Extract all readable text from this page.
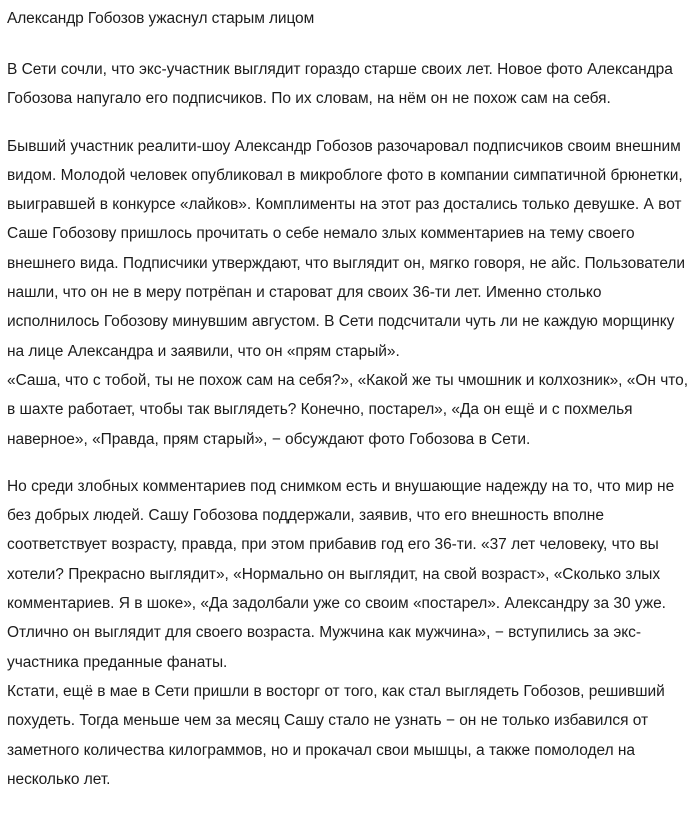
Александр Гобозов ужаснул старым лицом

В Сети сочли, что экс-участник выглядит гораздо старше своих лет. Новое фото Александра Гобозова напугало его подписчиков. По их словам, на нём он не похож сам на себя.

Бывший участник реалити-шоу Александр Гобозов разочаровал подписчиков своим внешним видом. Молодой человек опубликовал в микроблоге фото в компании симпатичной брюнетки, выигравшей в конкурсе «лайков». Комплименты на этот раз достались только девушке. А вот Саше Гобозову пришлось прочитать о себе немало злых комментариев на тему своего внешнего вида. Подписчики утверждают, что выглядит он, мягко говоря, не айс. Пользователи нашли, что он не в меру потрёпан и староват для своих 36-ти лет. Именно столько исполнилось Гобозову минувшим августом. В Сети подсчитали чуть ли не каждую морщинку на лице Александра и заявили, что он «прям старый».

«Саша, что с тобой, ты не похож сам на себя?», «Какой же ты чмошник и колхозник», «Он что, в шахте работает, чтобы так выглядеть? Конечно, постарел», «Да он ещё и с похмелья наверное», «Правда, прям старый», − обсуждают фото Гобозова в Сети.

Но среди злобных комментариев под снимком есть и внушающие надежду на то, что мир не без добрых людей. Сашу Гобозова поддержали, заявив, что его внешность вполне соответствует возрасту, правда, при этом прибавив год его 36-ти. «37 лет человеку, что вы хотели? Прекрасно выглядит», «Нормально он выглядит, на свой возраст», «Сколько злых комментариев. Я в шоке», «Да задолбали уже со своим «постарел». Александру за 30 уже. Отлично он выглядит для своего возраста. Мужчина как мужчина», − вступились за экс-участника преданные фанаты.

Кстати, ещё в мае в Сети пришли в восторг от того, как стал выглядеть Гобозов, решивший похудеть. Тогда меньше чем за месяц Сашу стало не узнать − он не только избавился от заметного количества килограммов, но и прокачал свои мышцы, а также помолодел на несколько лет.
